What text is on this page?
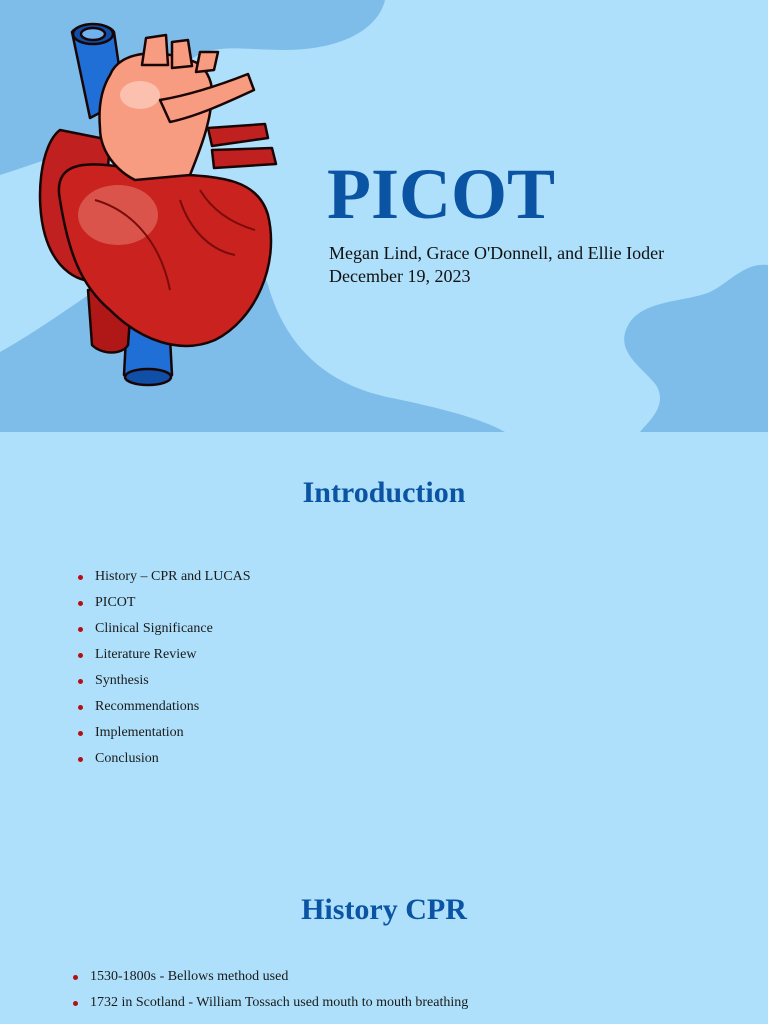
PICOT
Megan Lind, Grace O'Donnell, and Ellie Ioder
December 19, 2023
Introduction
History – CPR and LUCAS
PICOT
Clinical Significance
Literature Review
Synthesis
Recommendations
Implementation
Conclusion
History CPR
1530-1800s - Bellows method used
1732 in Scotland - William Tossach used mouth to mouth breathing
